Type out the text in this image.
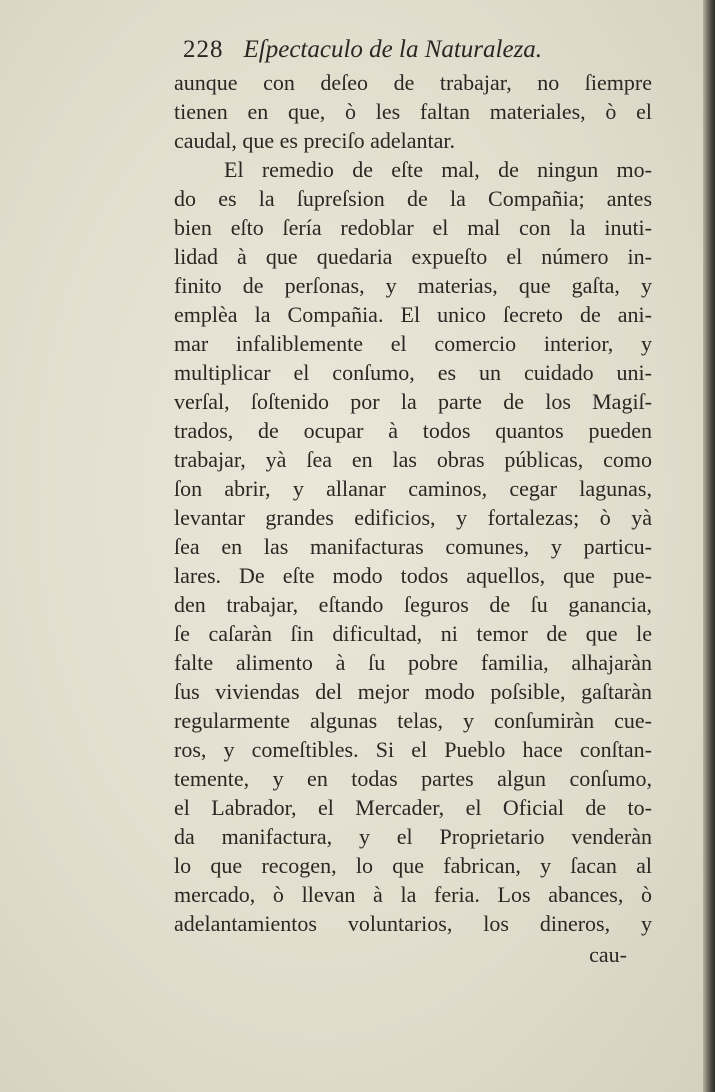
228 Eſpectaculo de la Naturaleza.
aunque con deſeo de trabajar, no ſiempre
tienen en que, ò les faltan materiales, ò el
caudal, que es preciſo adelantar.
El remedio de eſte mal, de ningun mo-
do es la ſupreſsion de la Compañia; antes
bien eſto ſería redoblar el mal con la inuti-
lidad à que quedaria expueſto el número in-
finito de perſonas, y materias, que gaſta, y
emplèa la Compañia. El unico ſecreto de ani-
mar infaliblemente el comercio interior, y
multiplicar el conſumo, es un cuidado uni-
verſal, ſoſtenido por la parte de los Magiſ-
trados, de ocupar à todos quantos pueden
trabajar, yà ſea en las obras públicas, como
ſon abrir, y allanar caminos, cegar lagunas,
levantar grandes edificios, y fortalezas; ò yà
ſea en las manifacturas comunes, y particu-
lares. De eſte modo todos aquellos, que pue-
den trabajar, eſtando ſeguros de ſu ganancia,
ſe caſaràn ſin dificultad, ni temor de que le
falte alimento à ſu pobre familia, alhajaràn
ſus viviendas del mejor modo poſsible, gaſtaràn
regularmente algunas telas, y conſumiràn cue-
ros, y comeſtibles. Si el Pueblo hace conſtan-
temente, y en todas partes algun conſumo,
el Labrador, el Mercader, el Oficial de to-
da manifactura, y el Proprietario venderàn
lo que recogen, lo que fabrican, y ſacan al
mercado, ò llevan à la feria. Los abances, ò
adelantamientos voluntarios, los dineros, y
cau-
